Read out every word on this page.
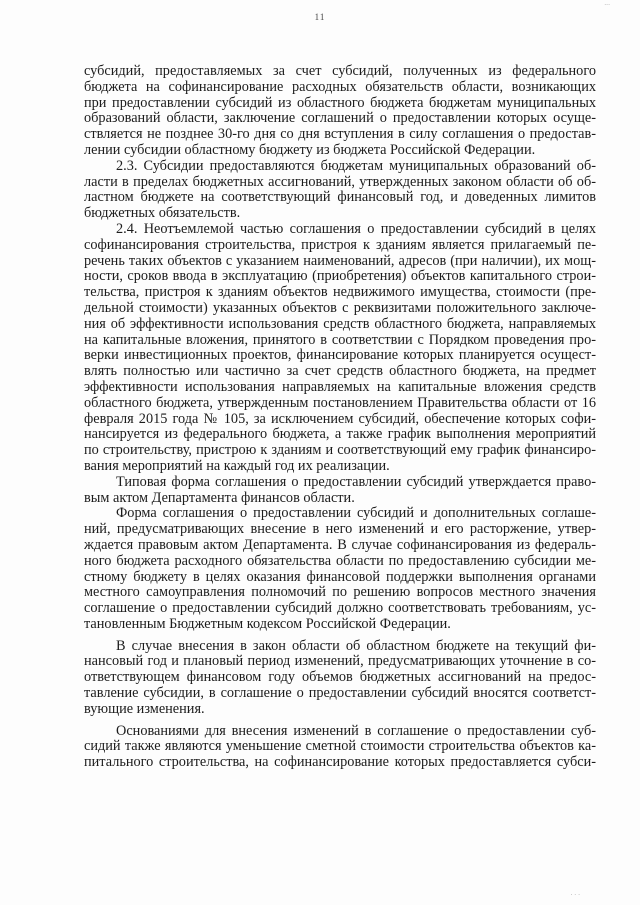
...
11
субсидий, предоставляемых за счет субсидий, полученных из федерального
бюджета на софинансирование расходных обязательств области, возникающих
при предоставлении субсидий из областного бюджета бюджетам муниципальных
образований области, заключение соглашений о предоставлении которых осуще-
ствляется не позднее 30-го дня со дня вступления в силу соглашения о предостав-
лении субсидии областному бюджету из бюджета Российской Федерации.
2.3. Субсидии предоставляются бюджетам муниципальных образований об-
ласти в пределах бюджетных ассигнований, утвержденных законом области об об-
ластном бюджете на соответствующий финансовый год, и доведенных лимитов
бюджетных обязательств.
2.4. Неотъемлемой частью соглашения о предоставлении субсидий в целях
софинансирования строительства, пристроя к зданиям является прилагаемый пе-
речень таких объектов с указанием наименований, адресов (при наличии), их мощ-
ности, сроков ввода в эксплуатацию (приобретения) объектов капитального строи-
тельства, пристроя к зданиям объектов недвижимого имущества, стоимости (пре-
дельной стоимости) указанных объектов с реквизитами положительного заключе-
ния об эффективности использования средств областного бюджета, направляемых
на капитальные вложения, принятого в соответствии с Порядком проведения про-
верки инвестиционных проектов, финансирование которых планируется осущест-
влять полностью или частично за счет средств областного бюджета, на предмет
эффективности использования направляемых на капитальные вложения средств
областного бюджета, утвержденным постановлением Правительства области от 16
февраля 2015 года № 105, за исключением субсидий, обеспечение которых софи-
нансируется из федерального бюджета, а также график выполнения мероприятий
по строительству, пристрою к зданиям и соответствующий ему график финансиро-
вания мероприятий на каждый год их реализации.
Типовая форма соглашения о предоставлении субсидий утверждается право-
вым актом Департамента финансов области.
Форма соглашения о предоставлении субсидий и дополнительных соглаше-
ний, предусматривающих внесение в него изменений и его расторжение, утвер-
ждается правовым актом Департамента. В случае софинансирования из федераль-
ного бюджета расходного обязательства области по предоставлению субсидии ме-
стному бюджету в целях оказания финансовой поддержки выполнения органами
местного самоуправления полномочий по решению вопросов местного значения
соглашение о предоставлении субсидий должно соответствовать требованиям, ус-
тановленным Бюджетным кодексом Российской Федерации.
В случае внесения в закон области об областном бюджете на текущий фи-
нансовый год и плановый период изменений, предусматривающих уточнение в со-
ответствующем финансовом году объемов бюджетных ассигнований на предос-
тавление субсидии, в соглашение о предоставлении субсидий вносятся соответст-
вующие изменения.
Основаниями для внесения изменений в соглашение о предоставлении суб-
сидий также являются уменьшение сметной стоимости строительства объектов ка-
питального строительства, на софинансирование которых предоставляется субси-
· · ·
